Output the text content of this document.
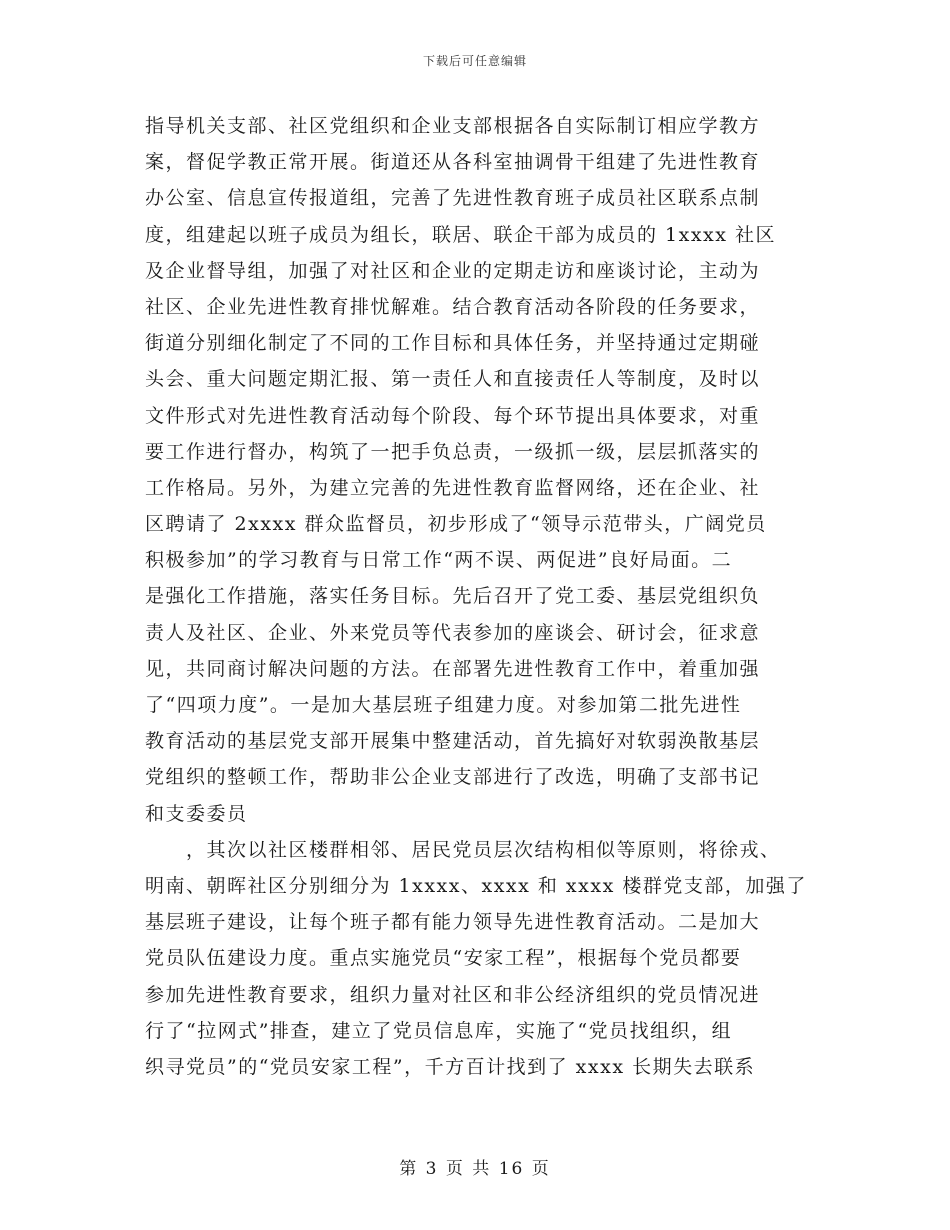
下载后可任意编辑
指导机关支部、社区党组织和企业支部根据各自实际制订相应学教方
案，督促学教正常开展。街道还从各科室抽调骨干组建了先进性教育
办公室、信息宣传报道组，完善了先进性教育班子成员社区联系点制
度，组建起以班子成员为组长，联居、联企干部为成员的 1xxxx 社区
及企业督导组，加强了对社区和企业的定期走访和座谈讨论，主动为
社区、企业先进性教育排忧解难。结合教育活动各阶段的任务要求，
街道分别细化制定了不同的工作目标和具体任务，并坚持通过定期碰
头会、重大问题定期汇报、第一责任人和直接责任人等制度，及时以
文件形式对先进性教育活动每个阶段、每个环节提出具体要求，对重
要工作进行督办，构筑了一把手负总责，一级抓一级，层层抓落实的
工作格局。另外，为建立完善的先进性教育监督网络，还在企业、社
区聘请了 2xxxx 群众监督员，初步形成了“领导示范带头，广阔党员
积极参加”的学习教育与日常工作“两不误、两促进”良好局面。二
是强化工作措施，落实任务目标。先后召开了党工委、基层党组织负
责人及社区、企业、外来党员等代表参加的座谈会、研讨会，征求意
见，共同商讨解决问题的方法。在部署先进性教育工作中，着重加强
了“四项力度”。一是加大基层班子组建力度。对参加第二批先进性
教育活动的基层党支部开展集中整建活动，首先搞好对软弱涣散基层
党组织的整顿工作，帮助非公企业支部进行了改选，明确了支部书记
和支委委员
　　，其次以社区楼群相邻、居民党员层次结构相似等原则，将徐戎、
明南、朝晖社区分别细分为 1xxxx、xxxx 和 xxxx 楼群党支部，加强了
基层班子建设，让每个班子都有能力领导先进性教育活动。二是加大
党员队伍建设力度。重点实施党员“安家工程”，根据每个党员都要
参加先进性教育要求，组织力量对社区和非公经济组织的党员情况进
行了“拉网式”排查，建立了党员信息库，实施了“党员找组织，组
织寻党员”的“党员安家工程”，千方百计找到了 xxxx 长期失去联系
第 3 页 共 16 页
